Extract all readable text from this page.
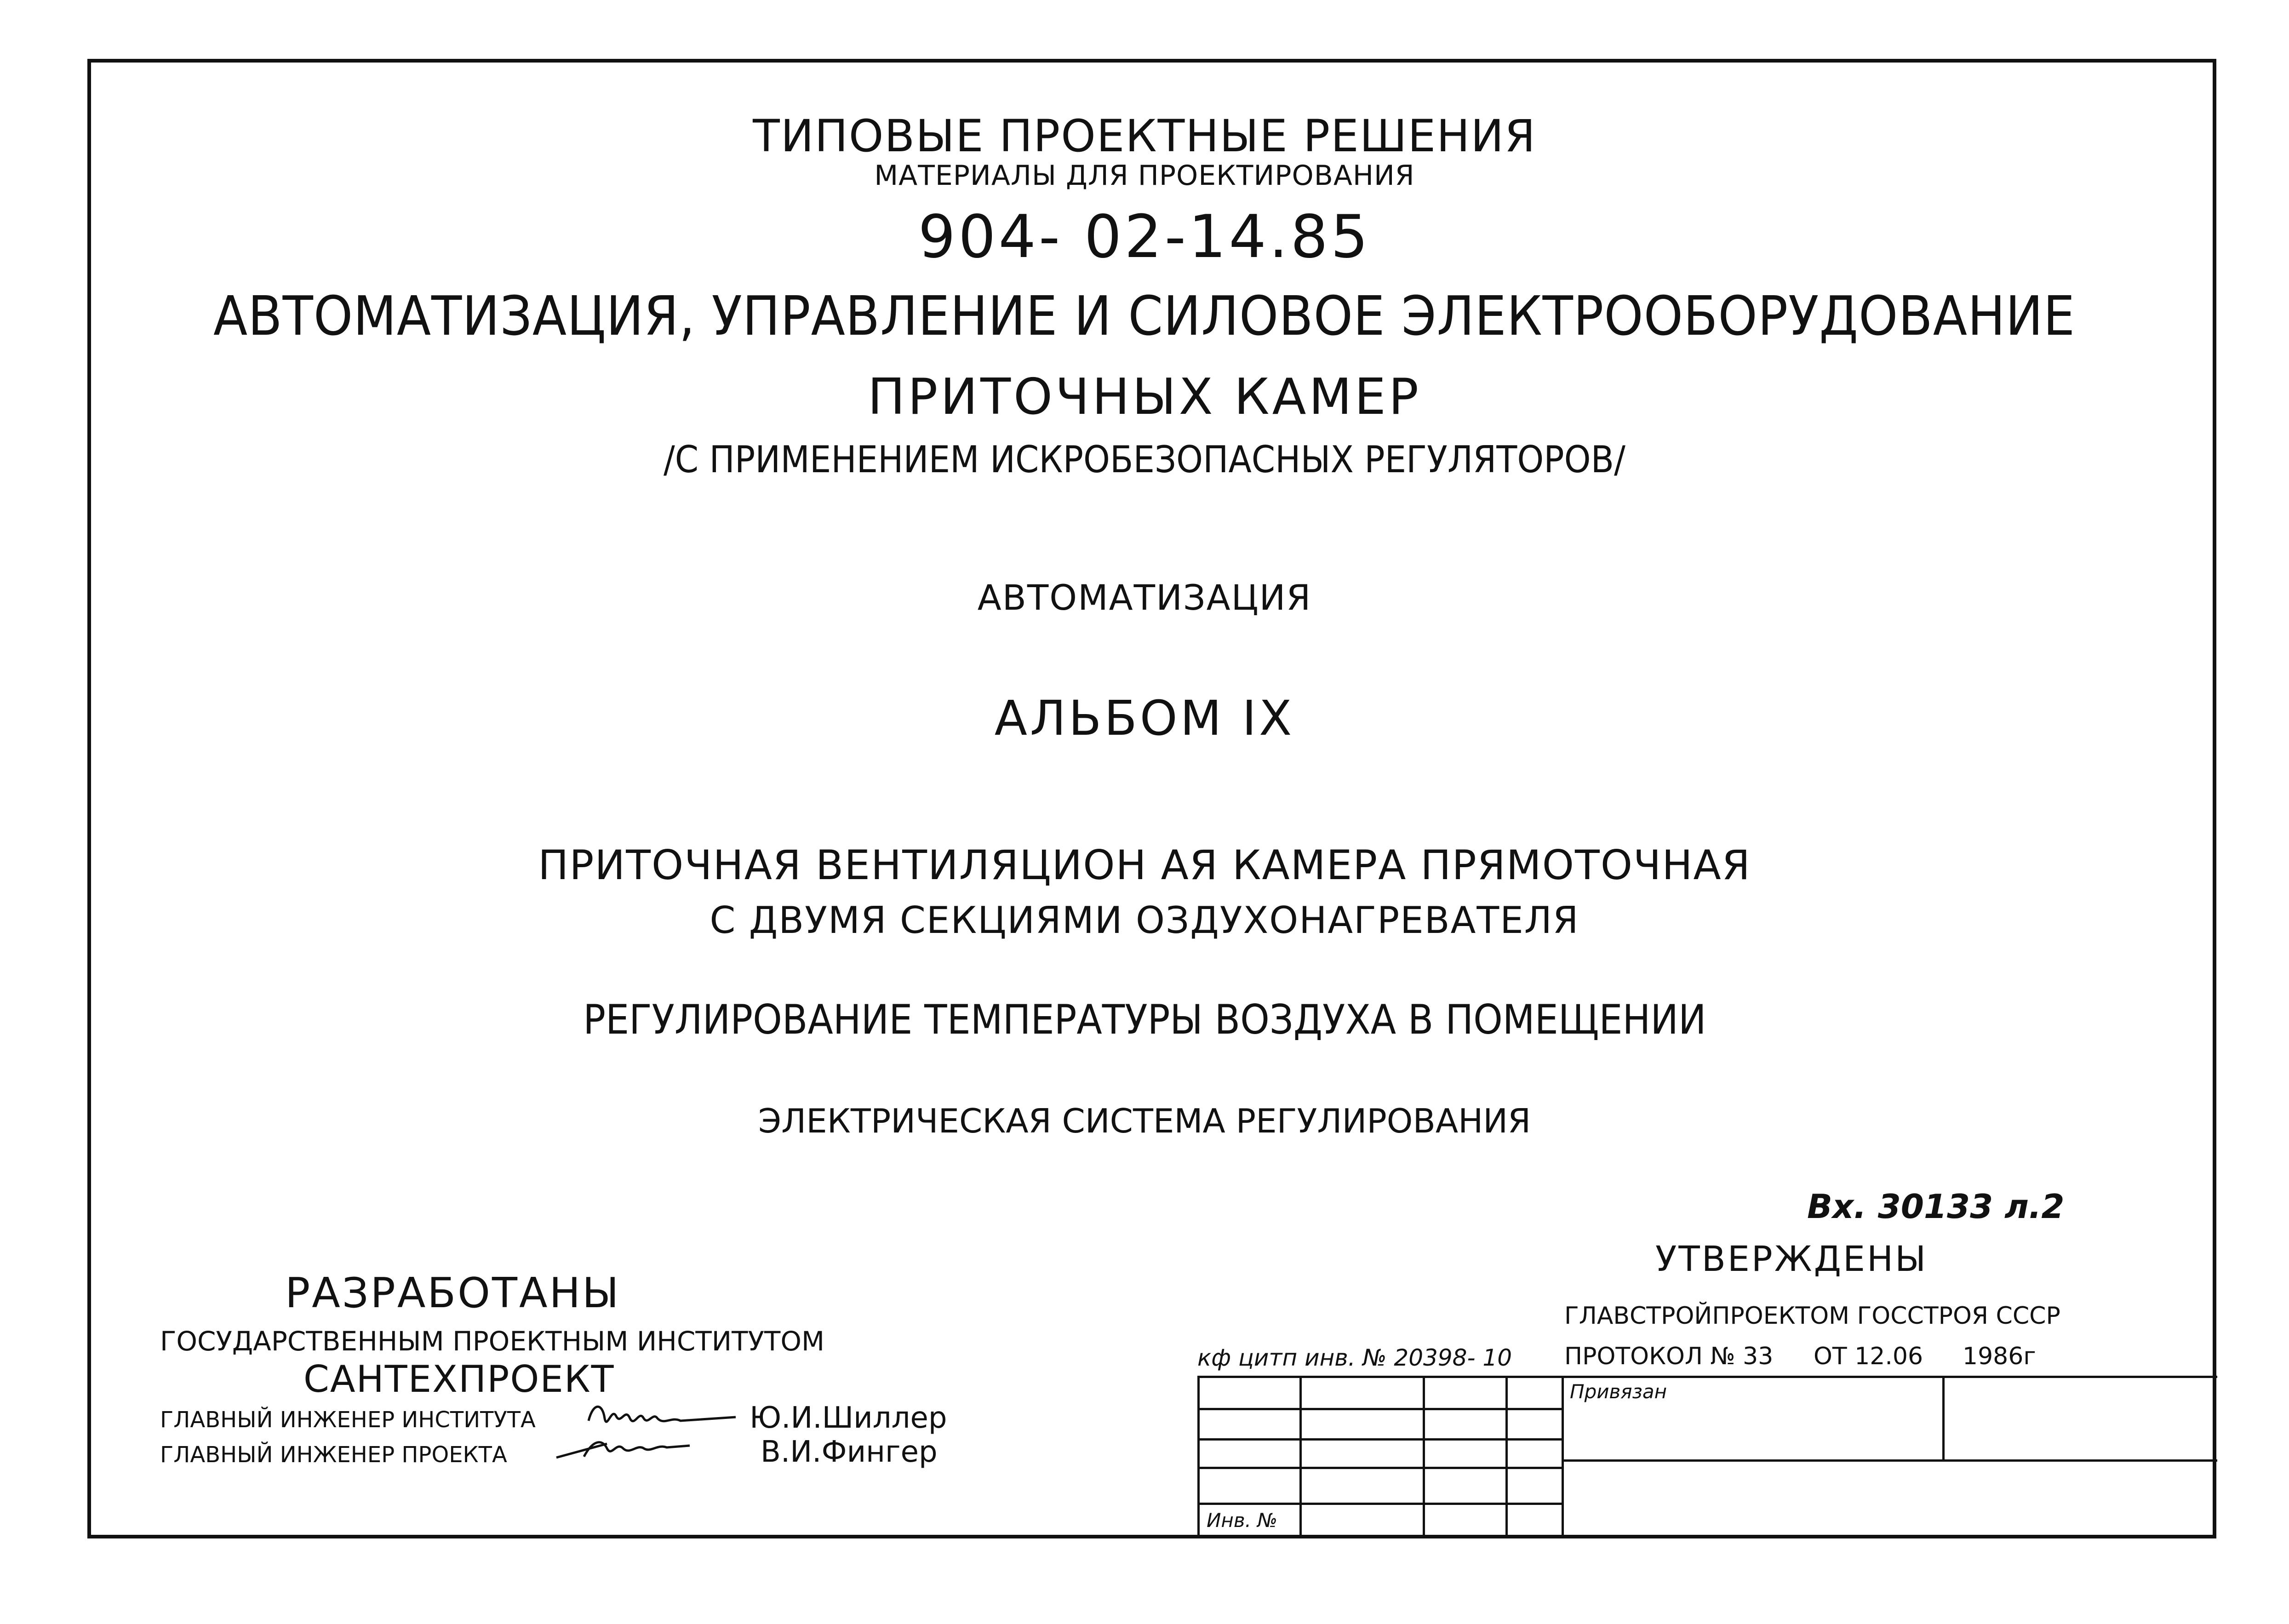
ТИПОВЫЕ ПРОЕКТНЫЕ РЕШЕНИЯ
МАТЕРИАЛЫ ДЛЯ ПРОЕКТИРОВАНИЯ
904- 02-14.85
АВТОМАТИЗАЦИЯ, УПРАВЛЕНИЕ И СИЛОВОЕ ЭЛЕКТРООБОРУДОВАНИЕ
ПРИТОЧНЫХ КАМЕР
/С ПРИМЕНЕНИЕМ ИСКРОБЕЗОПАСНЫХ РЕГУЛЯТОРОВ/
АВТОМАТИЗАЦИЯ
АЛЬБОМ IX
ПРИТОЧНАЯ ВЕНТИЛЯЦИОН АЯ КАМЕРА ПРЯМОТОЧНАЯ
С ДВУМЯ СЕКЦИЯМИ ОЗДУХОНАГРЕВАТЕЛЯ
РЕГУЛИРОВАНИЕ ТЕМПЕРАТУРЫ ВОЗДУХА В ПОМЕЩЕНИИ
ЭЛЕКТРИЧЕСКАЯ СИСТЕМА РЕГУЛИРОВАНИЯ
Вх. 30133 л.2
РАЗРАБОТАНЫ
ГОСУДАРСТВЕННЫМ ПРОЕКТНЫМ ИНСТИТУТОМ
САНТЕХПРОЕКТ
ГЛАВНЫЙ ИНЖЕНЕР ИНСТИТУТА	Ю.И.Шиллер
ГЛАВНЫЙ ИНЖЕНЕР ПРОЕКТА	В.И.Фингер
УТВЕРЖДЕНЫ
ГЛАВСТРОЙПРОЕКТОМ ГОССТРОЯ СССР
ПРОТОКОЛ № 33 ОТ 12.06 1986г
кф цитп инв. № 20398- 10
Инв. №
Привязан
